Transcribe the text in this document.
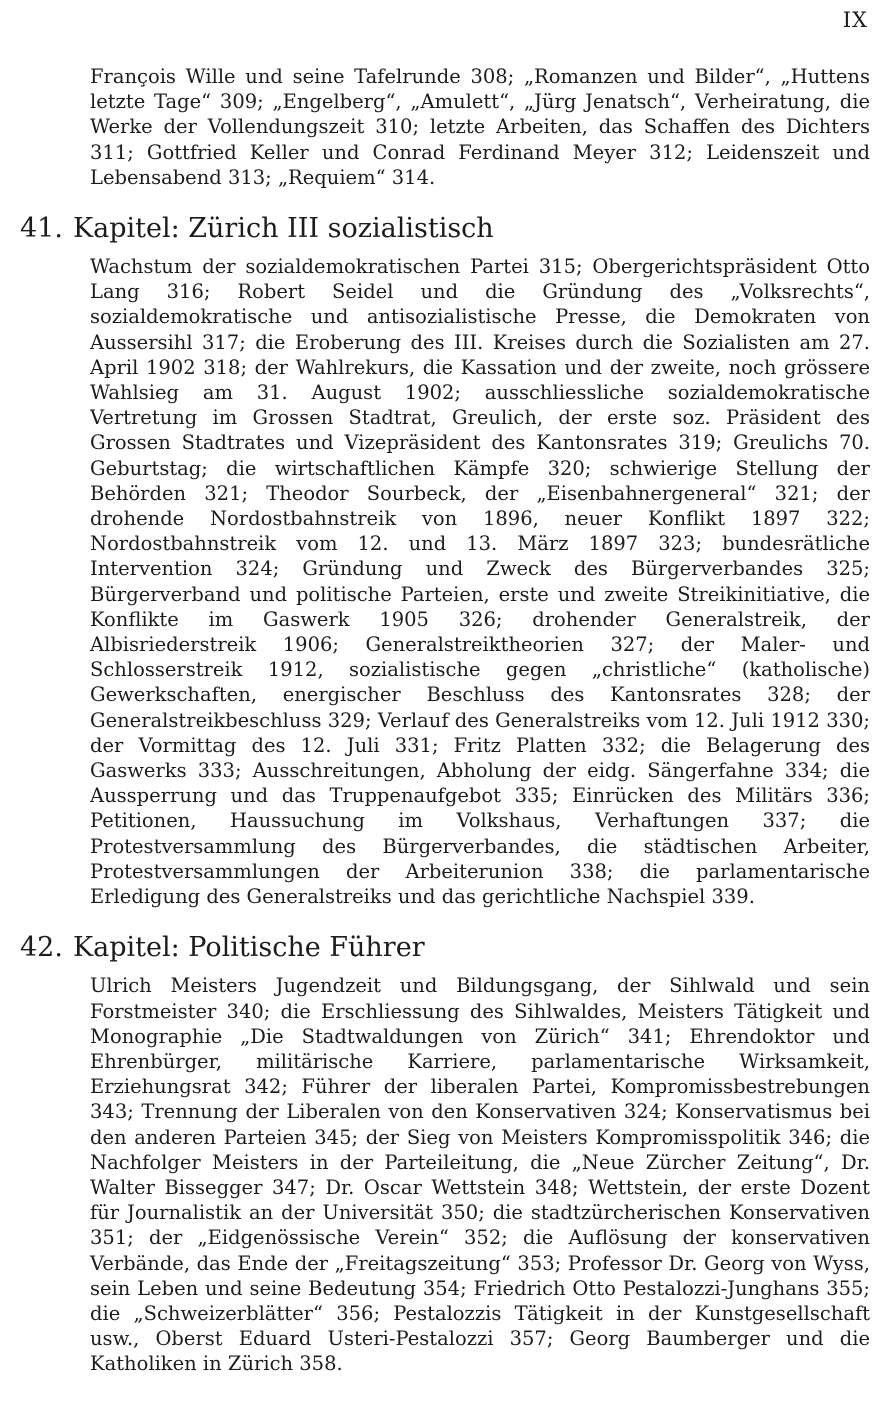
IX

François Wille und seine Tafelrunde 308; „Romanzen und Bilder“, „Huttens letzte Tage“ 309; „Engelberg“, „Amulett“, „Jürg Jenatsch“, Verheiratung, die Werke der Vollendungszeit 310; letzte Arbeiten, das Schaffen des Dichters 311; Gottfried Keller und Conrad Ferdinand Meyer 312; Leidenszeit und Lebensabend 313; „Requiem“ 314.

41. Kapitel: Zürich III sozialistisch

Wachstum der sozialdemokratischen Partei 315; Obergerichtspräsident Otto Lang 316; Robert Seidel und die Gründung des „Volksrechts“, sozialdemokratische und antisozialistische Presse, die Demokraten von Aussersihl 317; die Eroberung des III. Kreises durch die Sozialisten am 27. April 1902 318; der Wahlrekurs, die Kassation und der zweite, noch grössere Wahlsieg am 31. August 1902; ausschliessliche sozialdemokratische Vertretung im Grossen Stadtrat, Greulich, der erste soz. Präsident des Grossen Stadtrates und Vizepräsident des Kantonsrates 319; Greulichs 70. Geburtstag; die wirtschaftlichen Kämpfe 320; schwierige Stellung der Behörden 321; Theodor Sourbeck, der „Eisenbahnergeneral“ 321; der drohende Nordostbahnstreik von 1896, neuer Konflikt 1897 322; Nordostbahnstreik vom 12. und 13. März 1897 323; bundesrätliche Intervention 324; Gründung und Zweck des Bürgerverbandes 325; Bürgerverband und politische Parteien, erste und zweite Streikinitiative, die Konflikte im Gaswerk 1905 326; drohender Generalstreik, der Albisriederstreik 1906; Generalstreiktheorien 327; der Maler- und Schlosserstreik 1912, sozialistische gegen „christliche“ (katholische) Gewerkschaften, energischer Beschluss des Kantonsrates 328; der Generalstreikbeschluss 329; Verlauf des Generalstreiks vom 12. Juli 1912 330; der Vormittag des 12. Juli 331; Fritz Platten 332; die Belagerung des Gaswerks 333; Ausschreitungen, Abholung der eidg. Sängerfahne 334; die Aussperrung und das Truppenaufgebot 335; Einrücken des Militärs 336; Petitionen, Haussuchung im Volkshaus, Verhaftungen 337; die Protestversammlung des Bürgerverbandes, die städtischen Arbeiter, Protestversammlungen der Arbeiterunion 338; die parlamentarische Erledigung des Generalstreiks und das gerichtliche Nachspiel 339.

42. Kapitel: Politische Führer

Ulrich Meisters Jugendzeit und Bildungsgang, der Sihlwald und sein Forstmeister 340; die Erschliessung des Sihlwaldes, Meisters Tätigkeit und Monographie „Die Stadtwaldungen von Zürich“ 341; Ehrendoktor und Ehrenbürger, militärische Karriere, parlamentarische Wirksamkeit, Erziehungsrat 342; Führer der liberalen Partei, Kompromissbestrebungen 343; Trennung der Liberalen von den Konservativen 324; Konservatismus bei den anderen Parteien 345; der Sieg von Meisters Kompromisspolitik 346; die Nachfolger Meisters in der Parteileitung, die „Neue Zürcher Zeitung“, Dr. Walter Bissegger 347; Dr. Oscar Wettstein 348; Wettstein, der erste Dozent für Journalistik an der Universität 350; die stadtzürcherischen Konservativen 351; der „Eidgenössische Verein“ 352; die Auflösung der konservativen Verbände, das Ende der „Freitagszeitung“ 353; Professor Dr. Georg von Wyss, sein Leben und seine Bedeutung 354; Friedrich Otto Pestalozzi-Junghans 355; die „Schweizerblätter“ 356; Pestalozzis Tätigkeit in der Kunstgesellschaft usw., Oberst Eduard Usteri-Pestalozzi 357; Georg Baumberger und die Katholiken in Zürich 358.
